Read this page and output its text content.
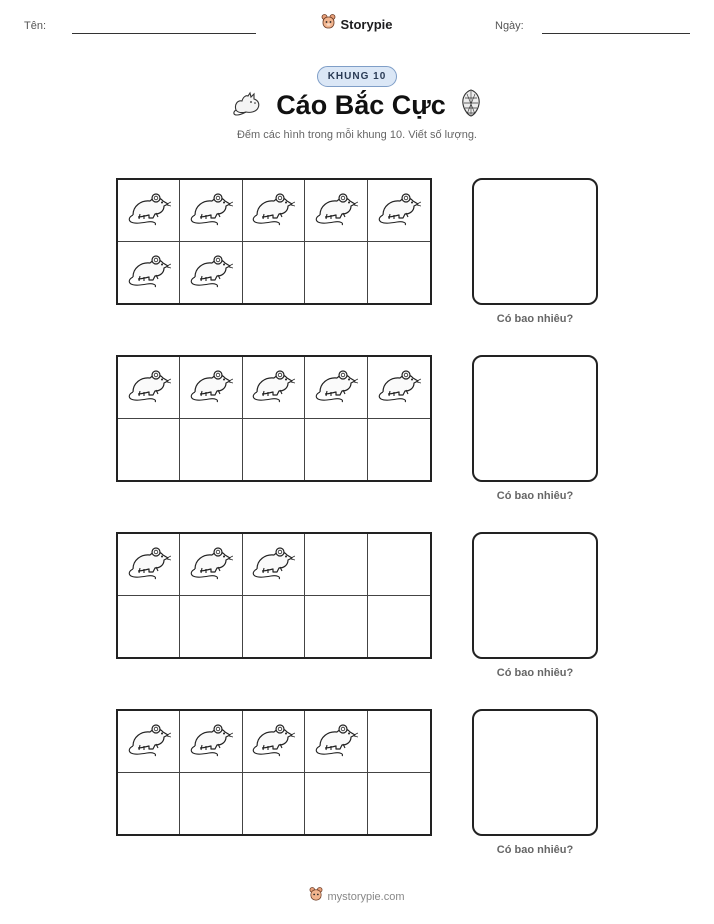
Tên:	Storypie	Ngày:
KHUNG 10
Cáo Bắc Cực
Đếm các hình trong mỗi khung 10. Viết số lượng.
Có bao nhiêu?
Có bao nhiêu?
Có bao nhiêu?
Có bao nhiêu?
mystorypie.com
